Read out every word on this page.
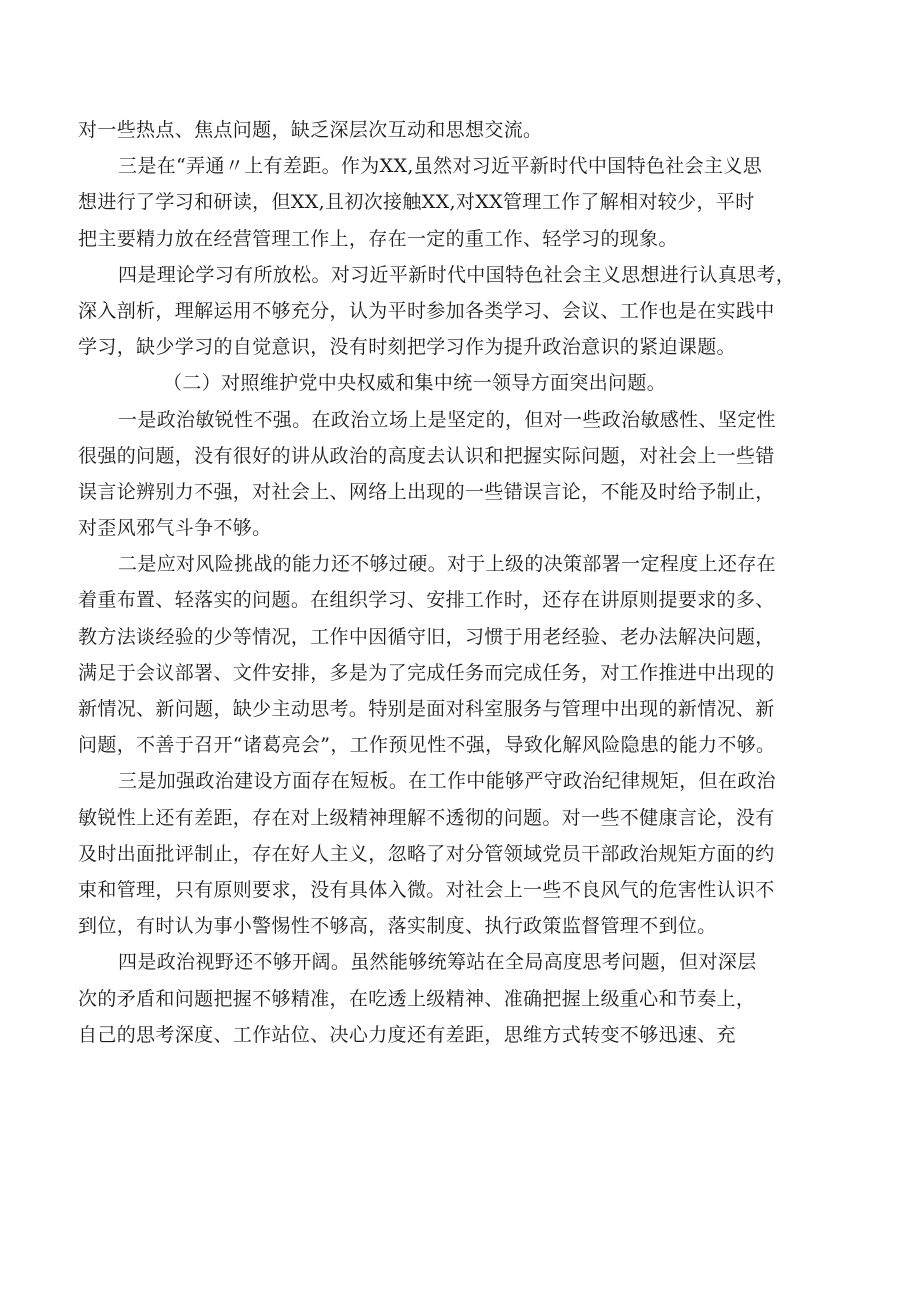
对一些热点、焦点问题，缺乏深层次互动和思想交流。
三是在“弄通〃上有差距。作为XX,虽然对习近平新时代中国特色社会主义思
想进行了学习和研读，但XX,且初次接触XX,对XX管理工作了解相对较少，平时
把主要精力放在经营管理工作上，存在一定的重工作、轻学习的现象。
四是理论学习有所放松。对习近平新时代中国特色社会主义思想进行认真思考，
深入剖析，理解运用不够充分，认为平时参加各类学习、会议、工作也是在实践中
学习，缺少学习的自觉意识，没有时刻把学习作为提升政治意识的紧迫课题。
（二）对照维护党中央权威和集中统一领导方面突出问题。
一是政治敏锐性不强。在政治立场上是坚定的，但对一些政治敏感性、坚定性
很强的问题，没有很好的讲从政治的高度去认识和把握实际问题，对社会上一些错
误言论辨别力不强，对社会上、网络上出现的一些错误言论，不能及时给予制止，
对歪风邪气斗争不够。
二是应对风险挑战的能力还不够过硬。对于上级的决策部署一定程度上还存在
着重布置、轻落实的问题。在组织学习、安排工作时，还存在讲原则提要求的多、
教方法谈经验的少等情况，工作中因循守旧，习惯于用老经验、老办法解决问题，
满足于会议部署、文件安排，多是为了完成任务而完成任务，对工作推进中出现的
新情况、新问题，缺少主动思考。特别是面对科室服务与管理中出现的新情况、新
问题，不善于召开“诸葛亮会”，工作预见性不强，导致化解风险隐患的能力不够。
三是加强政治建设方面存在短板。在工作中能够严守政治纪律规矩，但在政治
敏锐性上还有差距，存在对上级精神理解不透彻的问题。对一些不健康言论，没有
及时出面批评制止，存在好人主义，忽略了对分管领域党员干部政治规矩方面的约
束和管理，只有原则要求，没有具体入微。对社会上一些不良风气的危害性认识不
到位，有时认为事小警惕性不够高，落实制度、执行政策监督管理不到位。
四是政治视野还不够开阔。虽然能够统筹站在全局高度思考问题，但对深层
次的矛盾和问题把握不够精准，在吃透上级精神、准确把握上级重心和节奏上，
自己的思考深度、工作站位、决心力度还有差距，思维方式转变不够迅速、充
